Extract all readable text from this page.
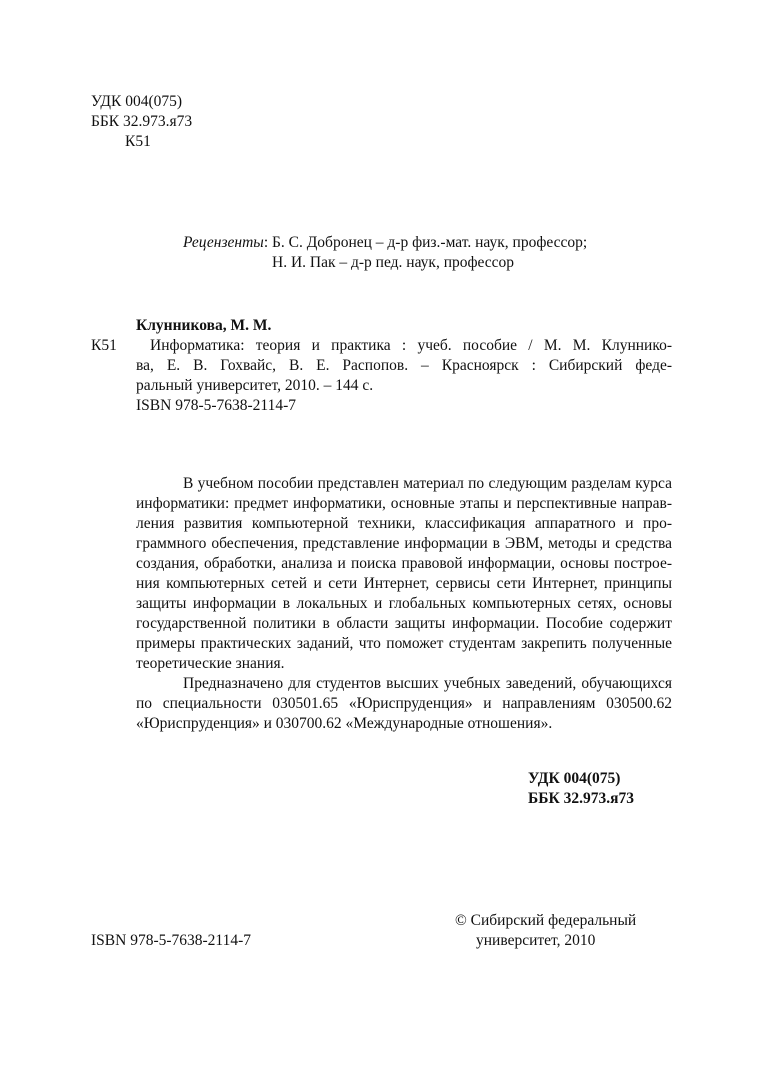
УДК 004(075)
ББК 32.973.я73
К51
Рецензенты: Б. С. Добронец – д-р физ.-мат. наук, профессор;
Н. И. Пак – д-р пед. наук, профессор
Клунникова, М. М.
К51 Информатика: теория и практика : учеб. пособие / М. М. Клуннико-
ва, Е. В. Гохвайс, В. Е. Распопов. – Красноярск : Сибирский феде-
ральный университет, 2010. – 144 с.
ISBN 978-5-7638-2114-7
В учебном пособии представлен материал по следующим разделам курса
информатики: предмет информатики, основные этапы и перспективные направ-
ления развития компьютерной техники, классификация аппаратного и про-
граммного обеспечения, представление информации в ЭВМ, методы и средства
создания, обработки, анализа и поиска правовой информации, основы построе-
ния компьютерных сетей и сети Интернет, сервисы сети Интернет, принципы
защиты информации в локальных и глобальных компьютерных сетях, основы
государственной политики в области защиты информации. Пособие содержит
примеры практических заданий, что поможет студентам закрепить полученные
теоретические знания.
Предназначено для студентов высших учебных заведений, обучающихся
по специальности 030501.65 «Юриспруденция» и направлениям 030500.62
«Юриспруденция» и 030700.62 «Международные отношения».
УДК 004(075)
ББК 32.973.я73
© Сибирский федеральный
университет, 2010
ISBN 978-5-7638-2114-7
